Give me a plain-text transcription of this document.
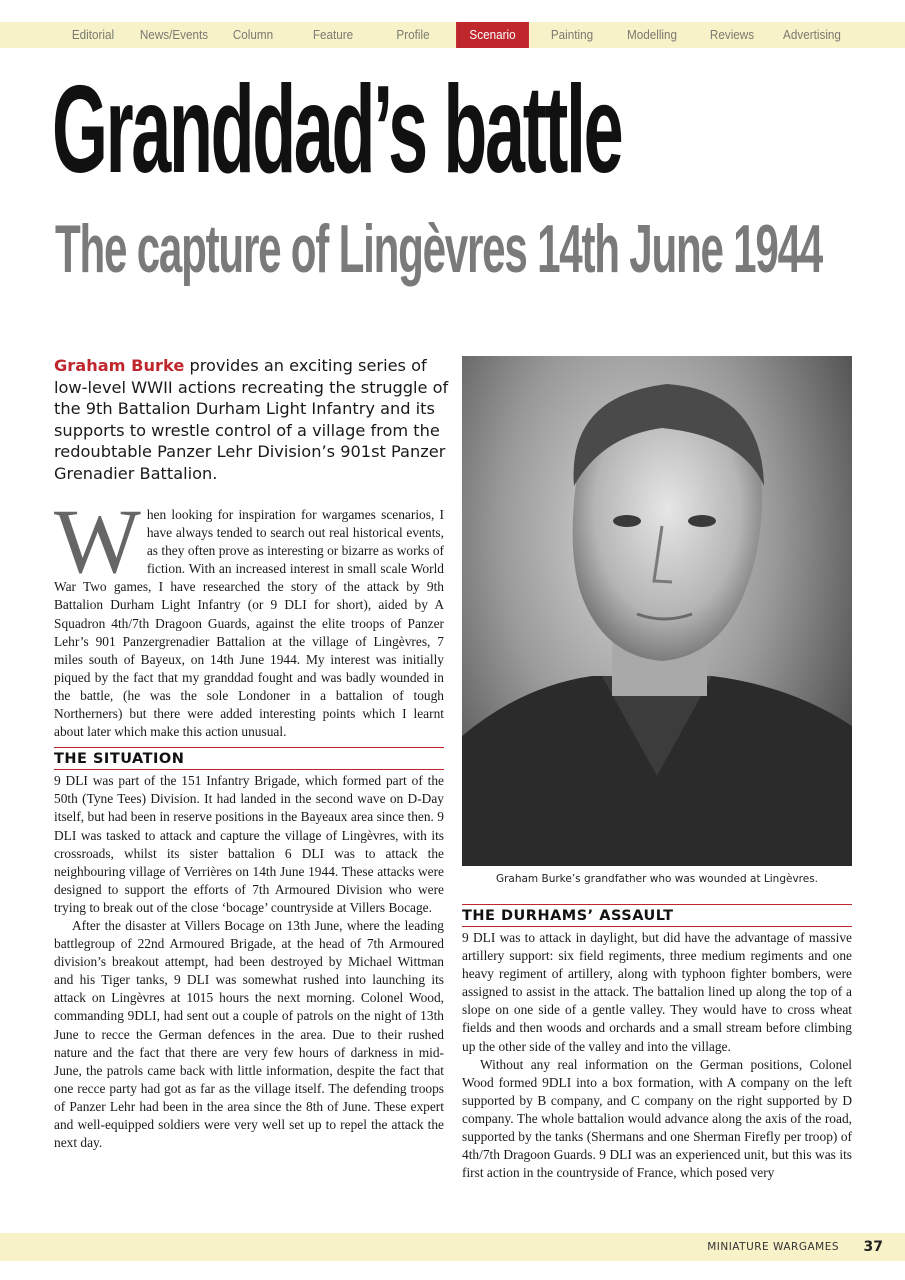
Editorial	News/Events	Column	Feature	Profile	Scenario	Painting	Modelling	Reviews	Advertising
Granddad’s battle
The capture of Lingèvres 14th June 1944
Graham Burke provides an exciting series of low-level WWII actions recreating the struggle of the 9th Battalion Durham Light Infantry and its supports to wrestle control of a village from the redoubtable Panzer Lehr Division’s 901st Panzer Grenadier Battalion.

When looking for inspiration for wargames scenarios, I have always tended to search out real historical events, as they often prove as interesting or bizarre as works of fiction. With an increased interest in small scale World War Two games, I have researched the story of the attack by 9th Battalion Durham Light Infantry (or 9 DLI for short), aided by A Squadron 4th/7th Dragoon Guards, against the elite troops of Panzer Lehr’s 901 Panzergrenadier Battalion at the village of Lingèvres, 7 miles south of Bayeux, on 14th June 1944. My interest was initially piqued by the fact that my granddad fought and was badly wounded in the battle, (he was the sole Londoner in a battalion of tough Northerners) but there were added interesting points which I learnt about later which make this action unusual.

THE SITUATION

9 DLI was part of the 151 Infantry Brigade, which formed part of the 50th (Tyne Tees) Division. It had landed in the second wave on D-Day itself, but had been in reserve positions in the Bayeaux area since then. 9 DLI was tasked to attack and capture the village of Lingèvres, with its crossroads, whilst its sister battalion 6 DLI was to attack the neighbouring village of Verrières on 14th June 1944. These attacks were designed to support the efforts of 7th Armoured Division who were trying to break out of the close ‘bocage’ countryside at Villers Bocage.

After the disaster at Villers Bocage on 13th June, where the leading battlegroup of 22nd Armoured Brigade, at the head of 7th Armoured division’s breakout attempt, had been destroyed by Michael Wittman and his Tiger tanks, 9 DLI was somewhat rushed into launching its attack on Lingèvres at 1015 hours the next morning. Colonel Wood, commanding 9DLI, had sent out a couple of patrols on the night of 13th June to recce the German defences in the area. Due to their rushed nature and the fact that there are very few hours of darkness in mid-June, the patrols came back with little information, despite the fact that one recce party had got as far as the village itself. The defending troops of Panzer Lehr had been in the area since the 8th of June. These expert and well-equipped soldiers were very well set up to repel the attack the next day.

Graham Burke’s grandfather who was wounded at Lingèvres.
THE DURHAMS’ ASSAULT

9 DLI was to attack in daylight, but did have the advantage of massive artillery support: six field regiments, three medium regiments and one heavy regiment of artillery, along with typhoon fighter bombers, were assigned to assist in the attack. The battalion lined up along the top of a slope on one side of a gentle valley. They would have to cross wheat fields and then woods and orchards and a small stream before climbing up the other side of the valley and into the village.

Without any real information on the German positions, Colonel Wood formed 9DLI into a box formation, with A company on the left supported by B company, and C company on the right supported by D company. The whole battalion would advance along the axis of the road, supported by the tanks (Shermans and one Sherman Firefly per troop) of 4th/7th Dragoon Guards. 9 DLI was an experienced unit, but this was its first action in the countryside of France, which posed very

MINIATURE WARGAMES 37
